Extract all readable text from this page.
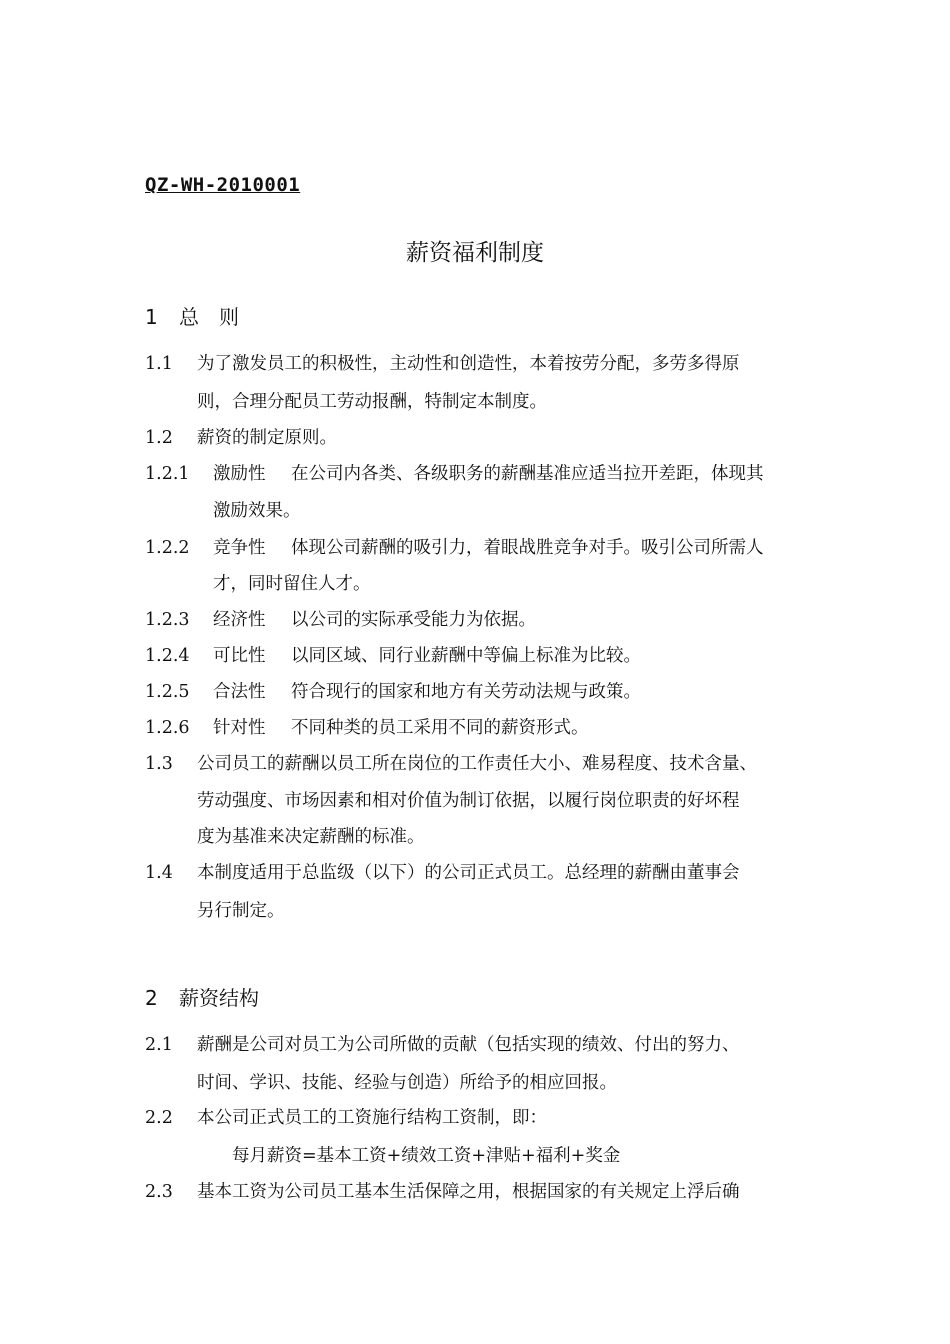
QZ-WH-2010001
薪资福利制度
1 总　则
1.1 为了激发员工的积极性，主动性和创造性，本着按劳分配，多劳多得原
则，合理分配员工劳动报酬，特制定本制度。
1.2 薪资的制定原则。
1.2.1 激励性 在公司内各类、各级职务的薪酬基准应适当拉开差距，体现其
激励效果。
1.2.2 竞争性 体现公司薪酬的吸引力，着眼战胜竞争对手。吸引公司所需人
才，同时留住人才。
1.2.3 经济性 以公司的实际承受能力为依据。
1.2.4 可比性 以同区域、同行业薪酬中等偏上标准为比较。
1.2.5 合法性 符合现行的国家和地方有关劳动法规与政策。
1.2.6 针对性 不同种类的员工采用不同的薪资形式。
1.3 公司员工的薪酬以员工所在岗位的工作责任大小、难易程度、技术含量、
劳动强度、市场因素和相对价值为制订依据，以履行岗位职责的好坏程
度为基准来决定薪酬的标准。
1.4 本制度适用于总监级（以下）的公司正式员工。总经理的薪酬由董事会
另行制定。
2 薪资结构
2.1 薪酬是公司对员工为公司所做的贡献（包括实现的绩效、付出的努力、
时间、学识、技能、经验与创造）所给予的相应回报。
2.2 本公司正式员工的工资施行结构工资制，即：
每月薪资=基本工资+绩效工资+津贴+福利+奖金
2.3 基本工资为公司员工基本生活保障之用，根据国家的有关规定上浮后确
